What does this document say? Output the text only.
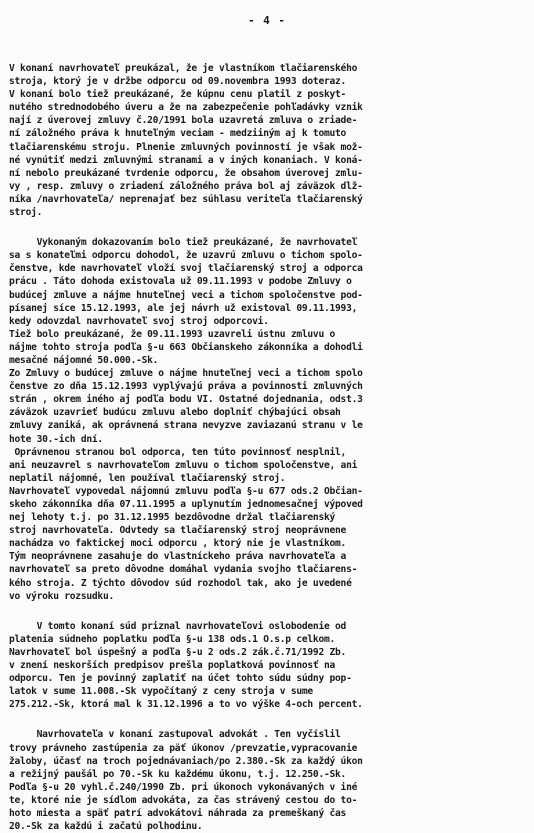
- 4 -
V konaní navrhovateľ preukázal, že je vlastníkom tlačiarenského
stroja, ktorý je v držbe odporcu od 09.novembra 1993 doteraz.
V konaní bolo tiež preukázané, že kúpnu cenu platil z poskyt-
nutého strednodobého úveru a že na zabezpečenie pohľadávky vznik
nají z úverovej zmluvy č.20/1991 bola uzavretá zmluva o zriade-
ní záložného práva k hnuteľným veciam - medziiným aj k tomuto
tlačiarenskému stroju. Plnenie zmluvných povinností je však mož-
né vynútiť medzi zmluvnými stranami a v iných konaniach. V koná-
ní nebolo preukázané tvrdenie odporcu, že obsahom úverovej zmlu-
vy , resp. zmluvy o zriadení záložného práva bol aj záväzok dlž-
níka /navrhovateľa/ neprenajať bez súhlasu veriteľa tlačiarenský
stroj.
Vykonaným dokazovaním bolo tiež preukázané, že navrhovateľ
sa s konateľmi odporcu dohodol, že uzavrú zmluvu o tichom spolo-
čenstve, kde navrhovateľ vloží svoj tlačiarenský stroj a odporca
prácu . Táto dohoda existovala už 09.11.1993 v podobe Zmluvy o
budúcej zmluve a nájme hnuteľnej veci a tichom spoločenstve pod-
písanej síce 15.12.1993, ale jej návrh už existoval 09.11.1993,
kedy odovzdal navrhovateľ svoj stroj odporcovi.
Tiež bolo preukázané, že 09.11.1993 uzavreli ústnu zmluvu o
nájme tohto stroja podľa §-u 663 Občianskeho zákonníka a dohodli
mesačné nájomné 50.000.-Sk.
Zo Zmluvy o budúcej zmluve o nájme hnuteľnej veci a tichom spolo
čenstve zo dňa 15.12.1993 vyplývajú práva a povinnosti zmluvných
strán , okrem iného aj podľa bodu VI. Ostatné dojednania, odst.3
záväzok uzavrieť budúcu zmluvu alebo doplniť chýbajúci obsah
zmluvy zaniká, ak oprávnená strana nevyzve zaviazanú stranu v le
hote 30.-ich dní.
Oprávnenou stranou bol odporca, ten túto povinnosť nesplnil,
ani neuzavrel s navrhovateľom zmluvu o tichom spoločenstve, ani
neplatil nájomné, len používal tlačiarenský stroj.
Navrhovateľ vypovedal nájomnú zmluvu podľa §-u 677 ods.2 Občian-
skeho zákonníka dňa 07.11.1995 a uplynutím jednomesačnej výpoved
nej lehoty t.j. po 31.12.1995 bezdôvodne držal tlačiarenský
stroj navrhovateľa. Odvtedy sa tlačiarenský stroj neoprávnene
nachádza vo faktickej moci odporcu , ktorý nie je vlastníkom.
Tým neoprávnene zasahuje do vlastníckeho práva navrhovateľa a
navrhovateľ sa preto dôvodne domáhal vydania svojho tlačiarens-
kého stroja. Z týchto dôvodov súd rozhodol tak, ako je uvedené
vo výroku rozsudku.
V tomto konaní súd priznal navrhovateľovi oslobodenie od
platenia súdneho poplatku podľa §-u 138 ods.1 O.s.p celkom.
Navrhovateľ bol úspešný a podľa §-u 2 ods.2 zák.č.71/1992 Zb.
v znení neskorších predpisov prešla poplatková povinnosť na
odporcu. Ten je povinný zaplatiť na účet tohto súdu súdny pop-
latok v sume 11.008.-Sk vypočítaný z ceny stroja v sume
275.212.-Sk, ktorá mal k 31.12.1996 a to vo výške 4-och percent.
Navrhovateľa v konaní zastupoval advokát . Ten vyčíslil
trovy právneho zastúpenia za päť úkonov /prevzatie,vypracovanie
žaloby, účasť na troch pojednávaniach/po 2.380.-Sk za každý úkon
a režijný paušál po 70.-Sk ku každému úkonu, t.j. 12.250.-Sk.
Podľa §-u 20 vyhl.č.240/1990 Zb. pri úkonoch vykonávaných v iné
te, ktoré nie je sídlom advokáta, za čas strávený cestou do to-
hoto miesta a späť patrí advokátovi náhrada za premeškaný čas
20.-Sk za každú i začatú polhodinu.
